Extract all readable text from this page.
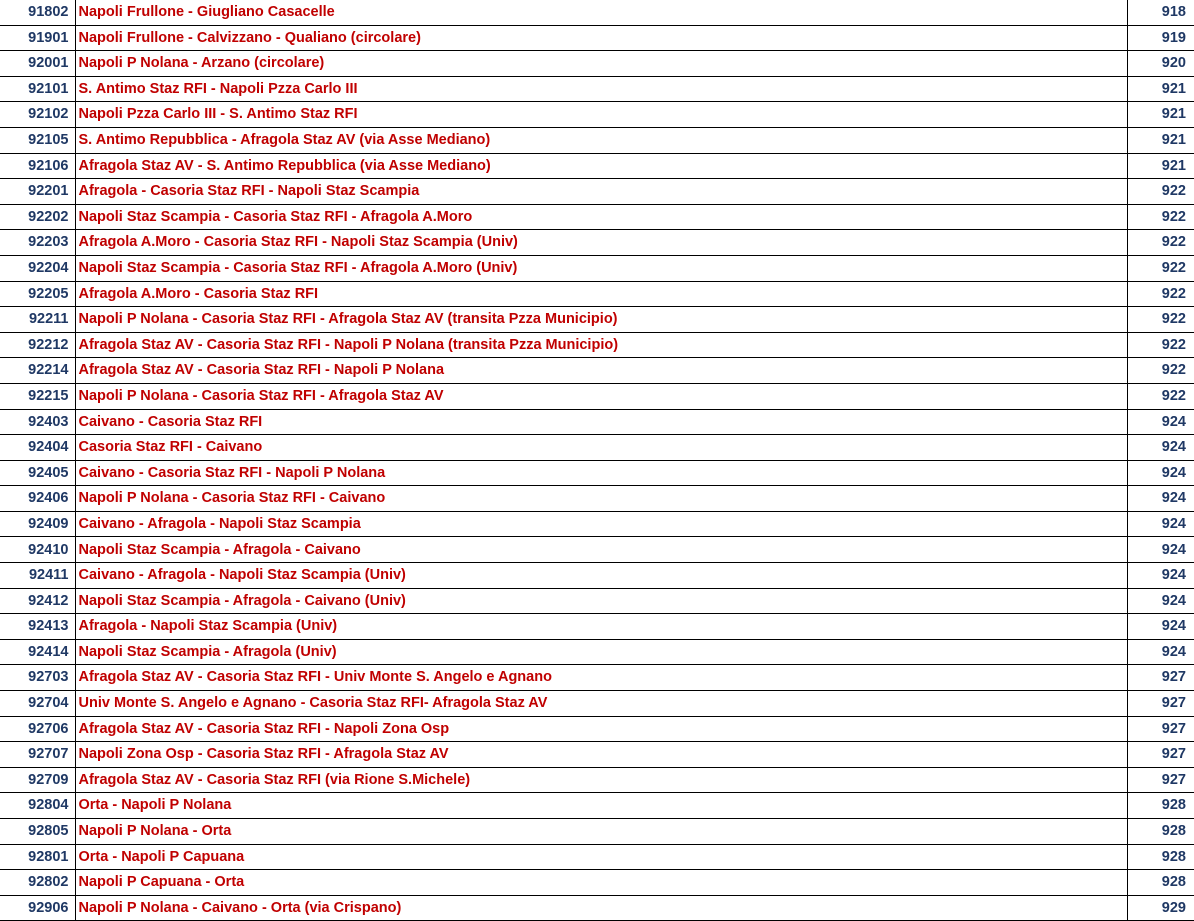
91802	Napoli Frullone - Giugliano Casacelle	918
91901	Napoli Frullone - Calvizzano - Qualiano (circolare)	919
92001	Napoli P Nolana - Arzano (circolare)	920
92101	S. Antimo Staz RFI - Napoli Pzza Carlo III	921
92102	Napoli Pzza Carlo III - S. Antimo Staz RFI	921
92105	S. Antimo Repubblica - Afragola Staz AV (via Asse Mediano)	921
92106	Afragola Staz AV - S. Antimo Repubblica (via Asse Mediano)	921
92201	Afragola - Casoria Staz RFI - Napoli Staz Scampia	922
92202	Napoli Staz Scampia - Casoria Staz RFI - Afragola A.Moro	922
92203	Afragola A.Moro - Casoria Staz RFI - Napoli Staz Scampia (Univ)	922
92204	Napoli Staz Scampia - Casoria Staz RFI - Afragola A.Moro (Univ)	922
92205	Afragola A.Moro - Casoria Staz RFI	922
92211	Napoli P Nolana - Casoria Staz RFI - Afragola Staz AV (transita Pzza Municipio)	922
92212	Afragola Staz AV - Casoria Staz RFI - Napoli P Nolana (transita Pzza Municipio)	922
92214	Afragola Staz AV - Casoria Staz RFI - Napoli P Nolana	922
92215	Napoli P Nolana - Casoria Staz RFI - Afragola Staz AV	922
92403	Caivano - Casoria Staz RFI	924
92404	Casoria Staz RFI - Caivano	924
92405	Caivano - Casoria Staz RFI - Napoli P Nolana	924
92406	Napoli P Nolana - Casoria Staz RFI - Caivano	924
92409	Caivano - Afragola - Napoli Staz Scampia	924
92410	Napoli Staz Scampia - Afragola - Caivano	924
92411	Caivano - Afragola - Napoli Staz Scampia (Univ)	924
92412	Napoli Staz Scampia - Afragola - Caivano (Univ)	924
92413	Afragola - Napoli Staz Scampia (Univ)	924
92414	Napoli Staz Scampia - Afragola (Univ)	924
92703	Afragola Staz AV - Casoria Staz RFI - Univ Monte S. Angelo e Agnano	927
92704	Univ Monte S. Angelo e Agnano - Casoria Staz RFI- Afragola Staz AV	927
92706	Afragola Staz AV - Casoria Staz RFI - Napoli Zona Osp	927
92707	Napoli Zona Osp - Casoria Staz RFI - Afragola Staz AV	927
92709	Afragola Staz AV - Casoria Staz RFI (via Rione S.Michele)	927
92804	Orta - Napoli P Nolana	928
92805	Napoli P Nolana - Orta	928
92801	Orta - Napoli P Capuana	928
92802	Napoli P Capuana - Orta	928
92906	Napoli P Nolana - Caivano - Orta (via Crispano)	929
